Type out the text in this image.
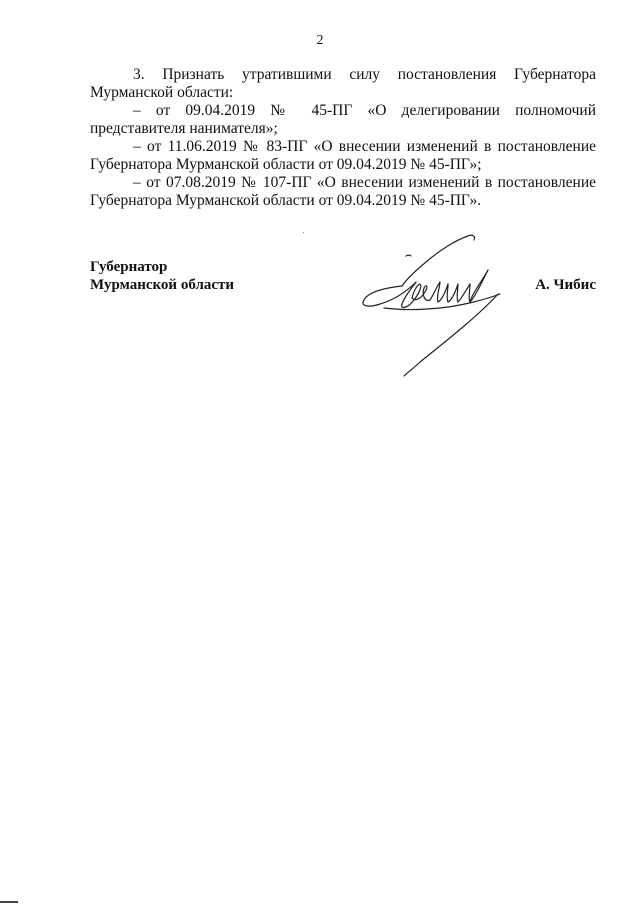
2

3. Признать утратившими силу постановления Губернатора Мурманской области:

– от 09.04.2019 № 45-ПГ «О делегировании полномочий представителя нанимателя»;

– от 11.06.2019 № 83-ПГ «О внесении изменений в постановление Губернатора Мурманской области от 09.04.2019 № 45-ПГ»;

– от 07.08.2019 № 107-ПГ «О внесении изменений в постановление Губернатора Мурманской области от 09.04.2019 № 45-ПГ».

Губернатор
Мурманской области	А. Чибис
